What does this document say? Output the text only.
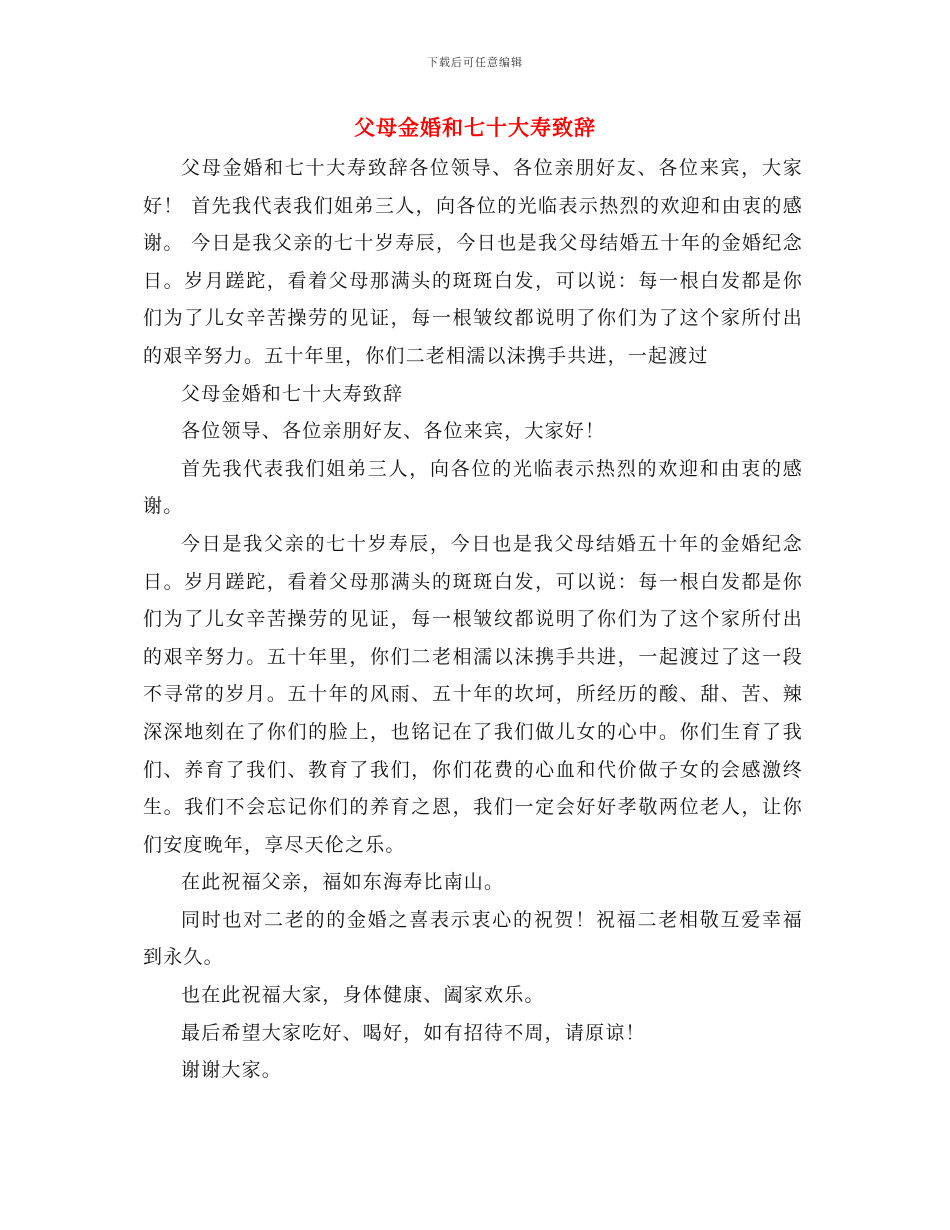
下载后可任意编辑
父母金婚和七十大寿致辞

父母金婚和七十大寿致辞各位领导、各位亲朋好友、各位来宾，大家好！ 首先我代表我们姐弟三人，向各位的光临表示热烈的欢迎和由衷的感谢。 今日是我父亲的七十岁寿辰，今日也是我父母结婚五十年的金婚纪念日。岁月蹉跎，看着父母那满头的斑斑白发，可以说：每一根白发都是你们为了儿女辛苦操劳的见证，每一根皱纹都说明了你们为了这个家所付出的艰辛努力。五十年里，你们二老相濡以沫携手共进，一起渡过

父母金婚和七十大寿致辞

各位领导、各位亲朋好友、各位来宾，大家好！

首先我代表我们姐弟三人，向各位的光临表示热烈的欢迎和由衷的感谢。

今日是我父亲的七十岁寿辰，今日也是我父母结婚五十年的金婚纪念日。岁月蹉跎，看着父母那满头的斑斑白发，可以说：每一根白发都是你们为了儿女辛苦操劳的见证，每一根皱纹都说明了你们为了这个家所付出的艰辛努力。五十年里，你们二老相濡以沫携手共进，一起渡过了这一段不寻常的岁月。五十年的风雨、五十年的坎坷，所经历的酸、甜、苦、辣深深地刻在了你们的脸上，也铭记在了我们做儿女的心中。你们生育了我们、养育了我们、教育了我们，你们花费的心血和代价做子女的会感激终生。我们不会忘记你们的养育之恩，我们一定会好好孝敬两位老人，让你们安度晚年，享尽天伦之乐。

在此祝福父亲，福如东海寿比南山。

同时也对二老的的金婚之喜表示衷心的祝贺！祝福二老相敬互爱幸福到永久。

也在此祝福大家，身体健康、阖家欢乐。

最后希望大家吃好、喝好，如有招待不周，请原谅！

谢谢大家。
